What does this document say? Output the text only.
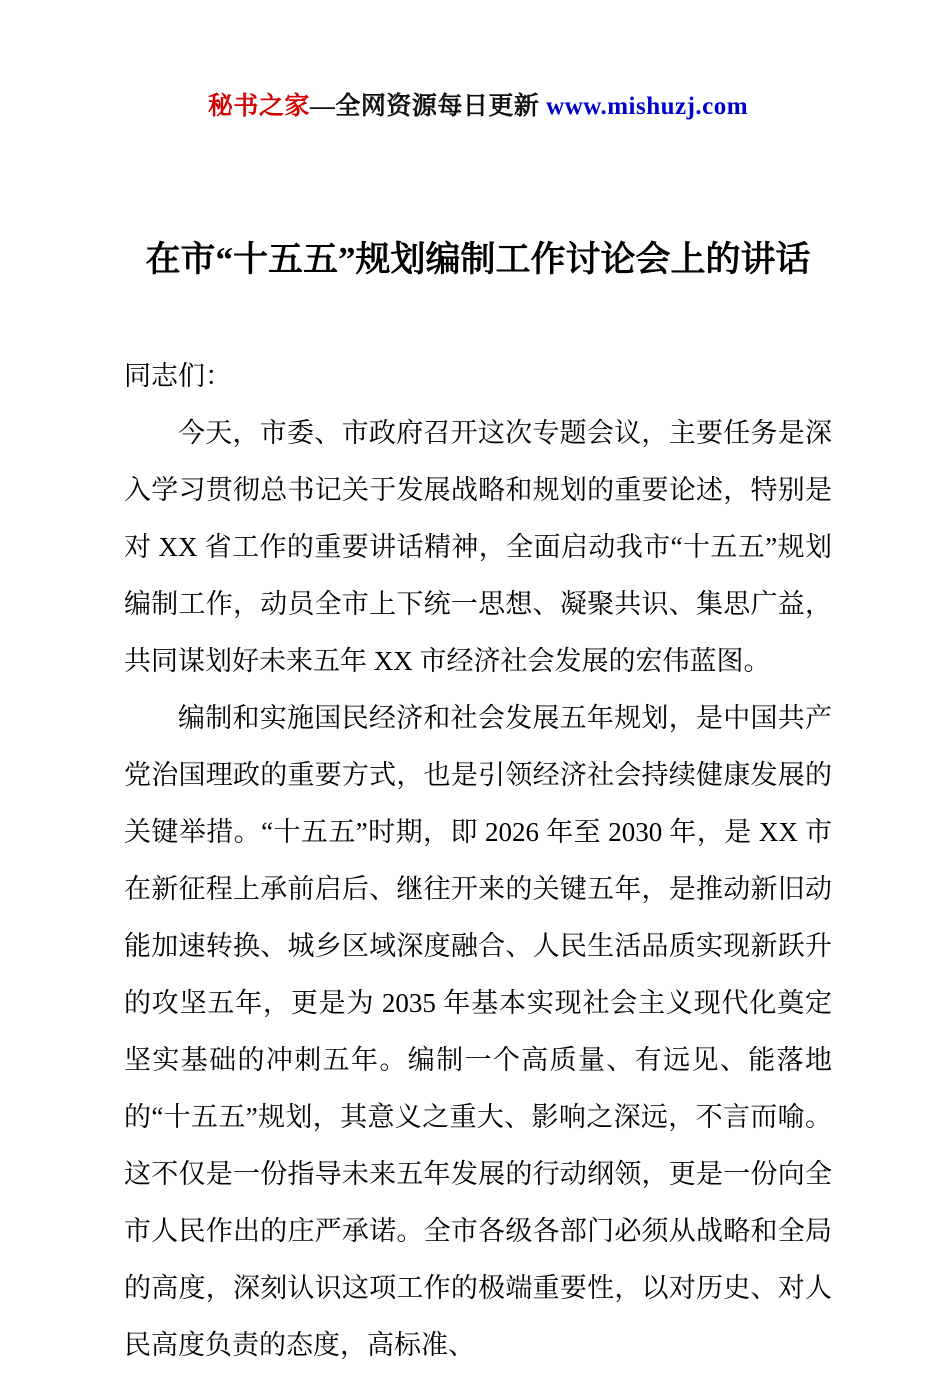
秘书之家—全网资源每日更新 www.mishuzj.com
在市“十五五”规划编制工作讨论会上的讲话

同志们：

今天，市委、市政府召开这次专题会议，主要任务是深入学习贯彻总书记关于发展战略和规划的重要论述，特别是对 XX 省工作的重要讲话精神，全面启动我市“十五五”规划编制工作，动员全市上下统一思想、凝聚共识、集思广益，共同谋划好未来五年 XX 市经济社会发展的宏伟蓝图。

编制和实施国民经济和社会发展五年规划，是中国共产党治国理政的重要方式，也是引领经济社会持续健康发展的关键举措。“十五五”时期，即 2026 年至 2030 年，是 XX 市在新征程上承前启后、继往开来的关键五年，是推动新旧动能加速转换、城乡区域深度融合、人民生活品质实现新跃升的攻坚五年，更是为 2035 年基本实现社会主义现代化奠定坚实基础的冲刺五年。编制一个高质量、有远见、能落地的“十五五”规划，其意义之重大、影响之深远，不言而喻。这不仅是一份指导未来五年发展的行动纲领，更是一份向全市人民作出的庄严承诺。全市各级各部门必须从战略和全局的高度，深刻认识这项工作的极端重要性，以对历史、对人民高度负责的态度，高标准、
